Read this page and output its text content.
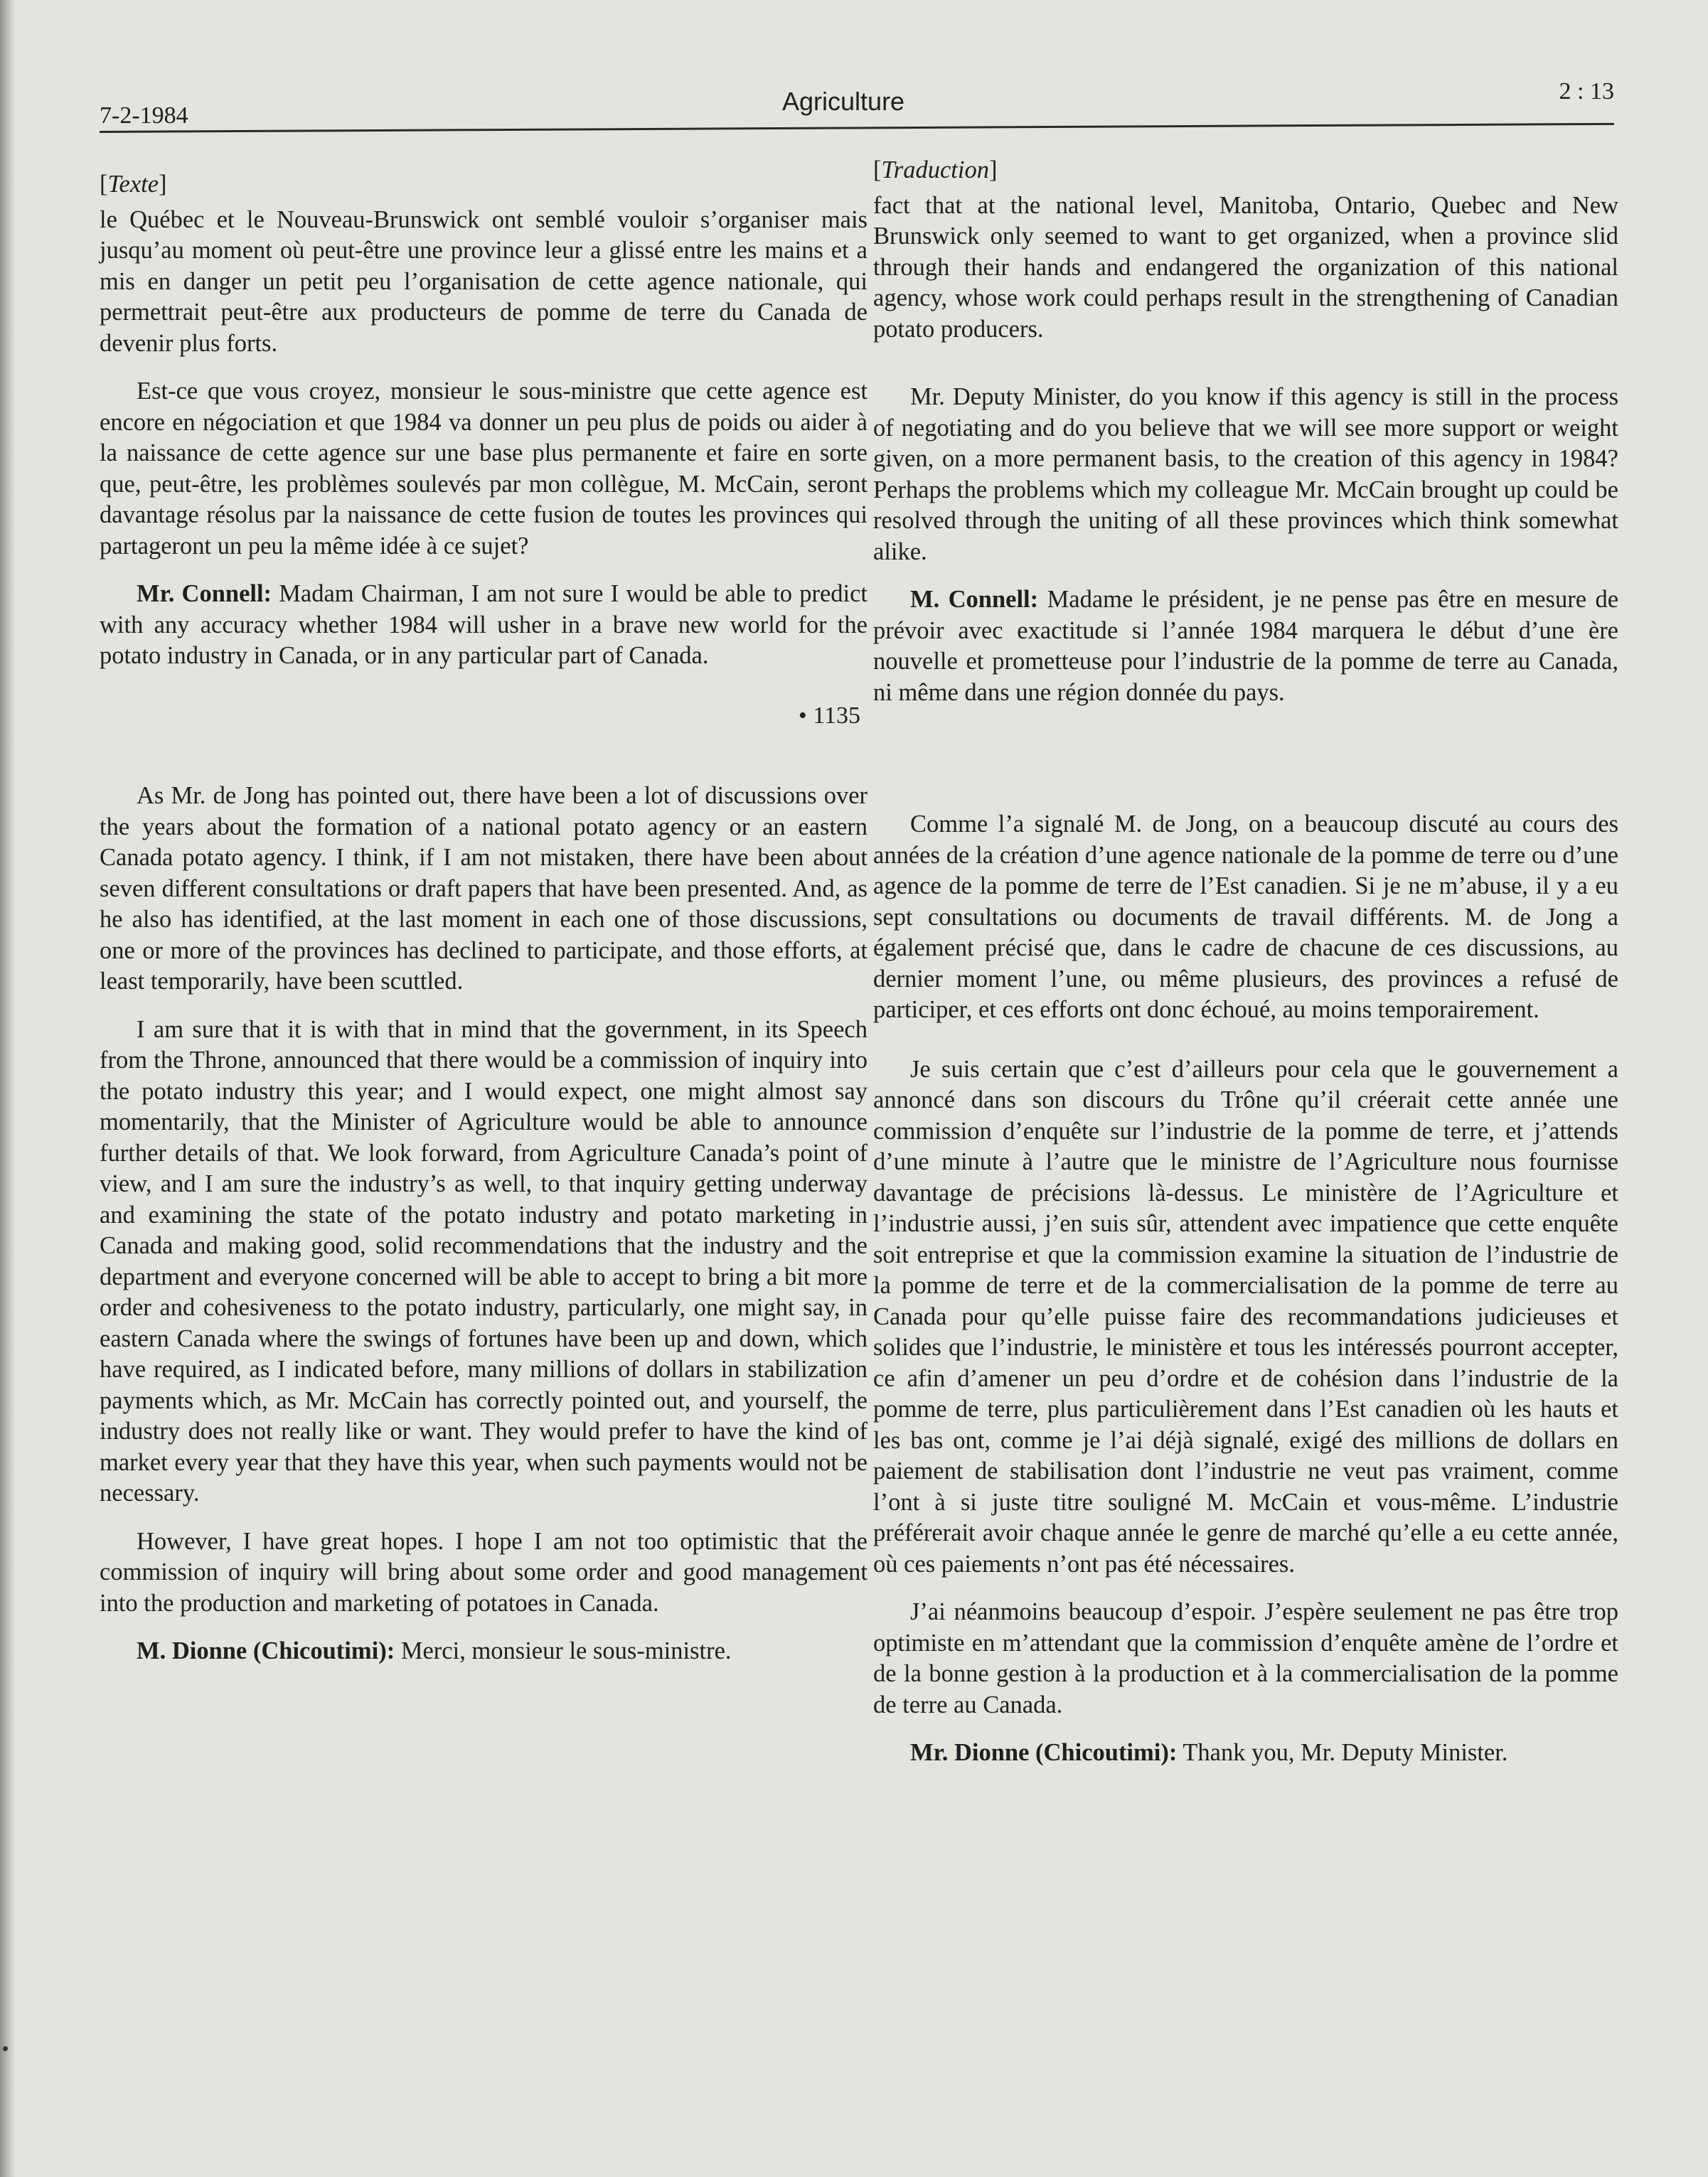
7-2-1984	Agriculture	2 : 13
[Texte]

le Québec et le Nouveau-Brunswick ont semblé vouloir s’organiser mais jusqu’au moment où peut-être une province leur a glissé entre les mains et a mis en danger un petit peu l’organisation de cette agence nationale, qui permettrait peut-être aux producteurs de pomme de terre du Canada de devenir plus forts.

Est-ce que vous croyez, monsieur le sous-ministre que cette agence est encore en négociation et que 1984 va donner un peu plus de poids ou aider à la naissance de cette agence sur une base plus permanente et faire en sorte que, peut-être, les problèmes soulevés par mon collègue, M. McCain, seront davantage résolus par la naissance de cette fusion de toutes les provinces qui partageront un peu la même idée à ce sujet?

Mr. Connell: Madam Chairman, I am not sure I would be able to predict with any accuracy whether 1984 will usher in a brave new world for the potato industry in Canada, or in any particular part of Canada.

• 1135

As Mr. de Jong has pointed out, there have been a lot of discussions over the years about the formation of a national potato agency or an eastern Canada potato agency. I think, if I am not mistaken, there have been about seven different consultations or draft papers that have been presented. And, as he also has identified, at the last moment in each one of those discussions, one or more of the provinces has declined to participate, and those efforts, at least temporarily, have been scuttled.

I am sure that it is with that in mind that the government, in its Speech from the Throne, announced that there would be a commission of inquiry into the potato industry this year; and I would expect, one might almost say momentarily, that the Minister of Agriculture would be able to announce further details of that. We look forward, from Agriculture Canada’s point of view, and I am sure the industry’s as well, to that inquiry getting underway and examining the state of the potato industry and potato marketing in Canada and making good, solid recommendations that the industry and the department and everyone concerned will be able to accept to bring a bit more order and cohesiveness to the potato industry, particularly, one might say, in eastern Canada where the swings of fortunes have been up and down, which have required, as I indicated before, many millions of dollars in stabilization payments which, as Mr. McCain has correctly pointed out, and yourself, the industry does not really like or want. They would prefer to have the kind of market every year that they have this year, when such payments would not be necessary.

However, I have great hopes. I hope I am not too optimistic that the commission of inquiry will bring about some order and good management into the production and marketing of potatoes in Canada.

M. Dionne (Chicoutimi): Merci, monsieur le sous-ministre.

[Traduction]

fact that at the national level, Manitoba, Ontario, Quebec and New Brunswick only seemed to want to get organized, when a province slid through their hands and endangered the organization of this national agency, whose work could perhaps result in the strengthening of Canadian potato producers.

Mr. Deputy Minister, do you know if this agency is still in the process of negotiating and do you believe that we will see more support or weight given, on a more permanent basis, to the creation of this agency in 1984? Perhaps the problems which my colleague Mr. McCain brought up could be resolved through the uniting of all these provinces which think somewhat alike.

M. Connell: Madame le président, je ne pense pas être en mesure de prévoir avec exactitude si l’année 1984 marquera le début d’une ère nouvelle et prometteuse pour l’industrie de la pomme de terre au Canada, ni même dans une région donnée du pays.

Comme l’a signalé M. de Jong, on a beaucoup discuté au cours des années de la création d’une agence nationale de la pomme de terre ou d’une agence de la pomme de terre de l’Est canadien. Si je ne m’abuse, il y a eu sept consultations ou documents de travail différents. M. de Jong a également précisé que, dans le cadre de chacune de ces discussions, au dernier moment l’une, ou même plusieurs, des provinces a refusé de participer, et ces efforts ont donc échoué, au moins temporairement.

Je suis certain que c’est d’ailleurs pour cela que le gouvernement a annoncé dans son discours du Trône qu’il créerait cette année une commission d’enquête sur l’industrie de la pomme de terre, et j’attends d’une minute à l’autre que le ministre de l’Agriculture nous fournisse davantage de précisions là-dessus. Le ministère de l’Agriculture et l’industrie aussi, j’en suis sûr, attendent avec impatience que cette enquête soit entreprise et que la commission examine la situation de l’industrie de la pomme de terre et de la commercialisation de la pomme de terre au Canada pour qu’elle puisse faire des recommandations judicieuses et solides que l’industrie, le ministère et tous les intéressés pourront accepter, ce afin d’amener un peu d’ordre et de cohésion dans l’industrie de la pomme de terre, plus particulièrement dans l’Est canadien où les hauts et les bas ont, comme je l’ai déjà signalé, exigé des millions de dollars en paiement de stabilisation dont l’industrie ne veut pas vraiment, comme l’ont à si juste titre souligné M. McCain et vous-même. L’industrie préférerait avoir chaque année le genre de marché qu’elle a eu cette année, où ces paiements n’ont pas été nécessaires.

J’ai néanmoins beaucoup d’espoir. J’espère seulement ne pas être trop optimiste en m’attendant que la commission d’enquête amène de l’ordre et de la bonne gestion à la production et à la commercialisation de la pomme de terre au Canada.

Mr. Dionne (Chicoutimi): Thank you, Mr. Deputy Minister.
